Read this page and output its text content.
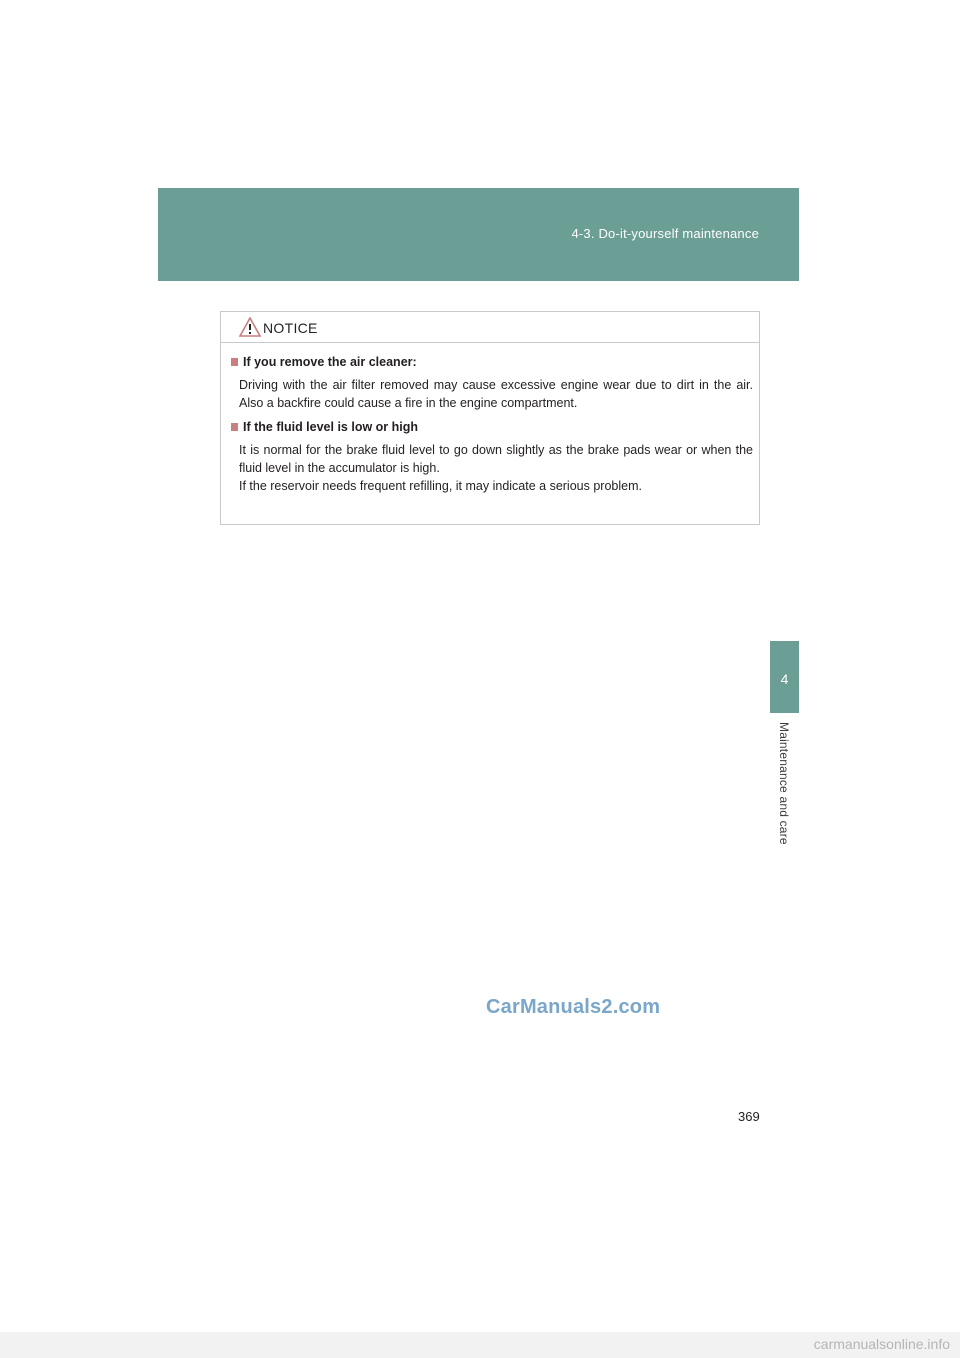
4-3. Do-it-yourself maintenance
4
Maintenance and care
NOTICE
If you remove the air cleaner:
Driving with the air filter removed may cause excessive engine wear due to dirt in the air. Also a backfire could cause a fire in the engine compartment.
If the fluid level is low or high
It is normal for the brake fluid level to go down slightly as the brake pads wear or when the fluid level in the accumulator is high.
If the reservoir needs frequent refilling, it may indicate a serious problem.
CarManuals2.com
369
carmanualsonline.info
